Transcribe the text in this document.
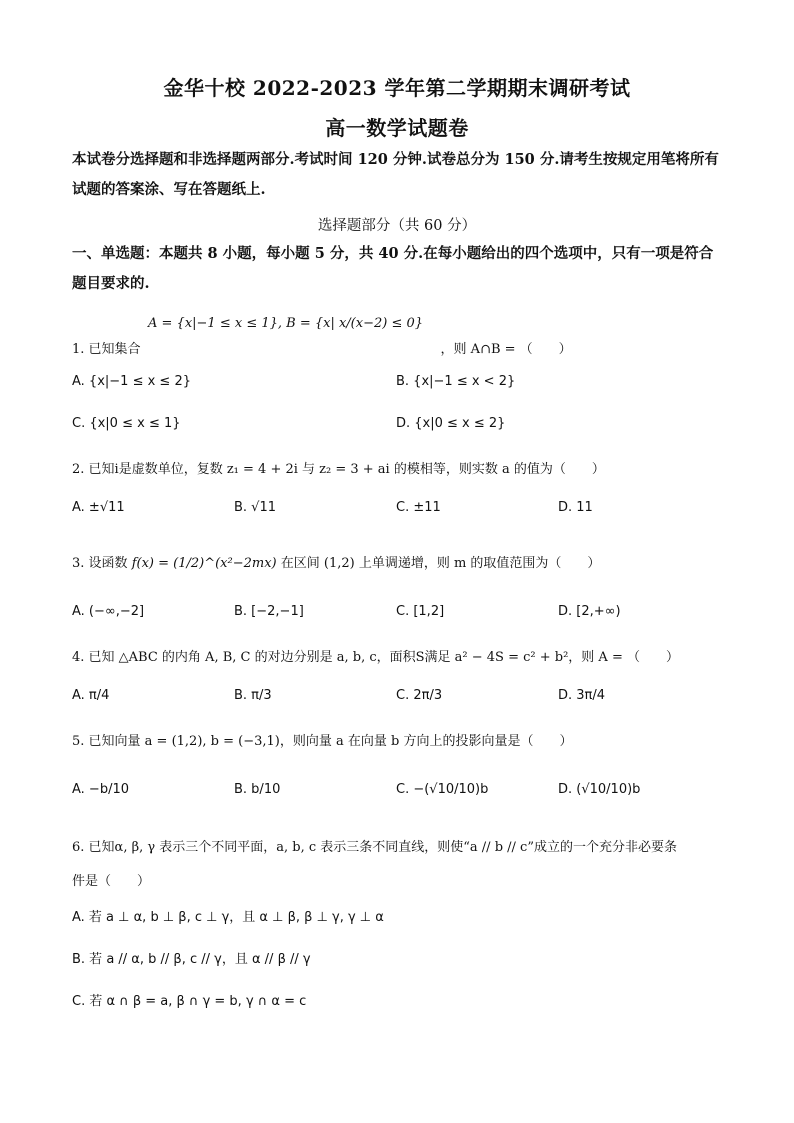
金华十校 2022-2023 学年第二学期期末调研考试
高一数学试题卷
本试卷分选择题和非选择题两部分.考试时间 120 分钟.试卷总分为 150 分.请考生按规定用笔将所有试题的答案涂、写在答题纸上.
选择题部分（共 60 分）
一、单选题：本题共 8 小题，每小题 5 分，共 40 分.在每小题给出的四个选项中，只有一项是符合题目要求的.
A = {x|−1 ≤ x ≤ 1}, B = {x| x/(x−2) ≤ 0}
1. 已知集合	，则 A∩B = （　　）
A. {x|−1 ≤ x ≤ 2}	B. {x|−1 ≤ x < 2}
C. {x|0 ≤ x ≤ 1}	D. {x|0 ≤ x ≤ 2}
2. 已知i是虚数单位，复数 z₁ = 4 + 2i 与 z₂ = 3 + ai 的模相等，则实数 a 的值为（　　）
A. ±√11	B. √11	C. ±11	D. 11
3. 设函数 f(x) = (1/2)^(x²−2mx) 在区间 (1,2) 上单调递增，则 m 的取值范围为（　　）
A. (−∞,−2]	B. [−2,−1]	C. [1,2]	D. [2,+∞)
4. 已知 △ABC 的内角 A, B, C 的对边分别是 a, b, c，面积S满足 a² − 4S = c² + b²，则 A = （　　）
A. π/4	B. π/3	C. 2π/3	D. 3π/4
5. 已知向量 a = (1,2), b = (−3,1)，则向量 a 在向量 b 方向上的投影向量是（　　）
A. −b/10	B. b/10	C. −(√10/10)b	D. (√10/10)b
6. 已知α, β, γ 表示三个不同平面，a, b, c 表示三条不同直线，则使“a // b // c”成立的一个充分非必要条
件是（　　）
A. 若 a ⊥ α, b ⊥ β, c ⊥ γ，且 α ⊥ β, β ⊥ γ, γ ⊥ α
B. 若 a // α, b // β, c // γ，且 α // β // γ
C. 若 α ∩ β = a, β ∩ γ = b, γ ∩ α = c
